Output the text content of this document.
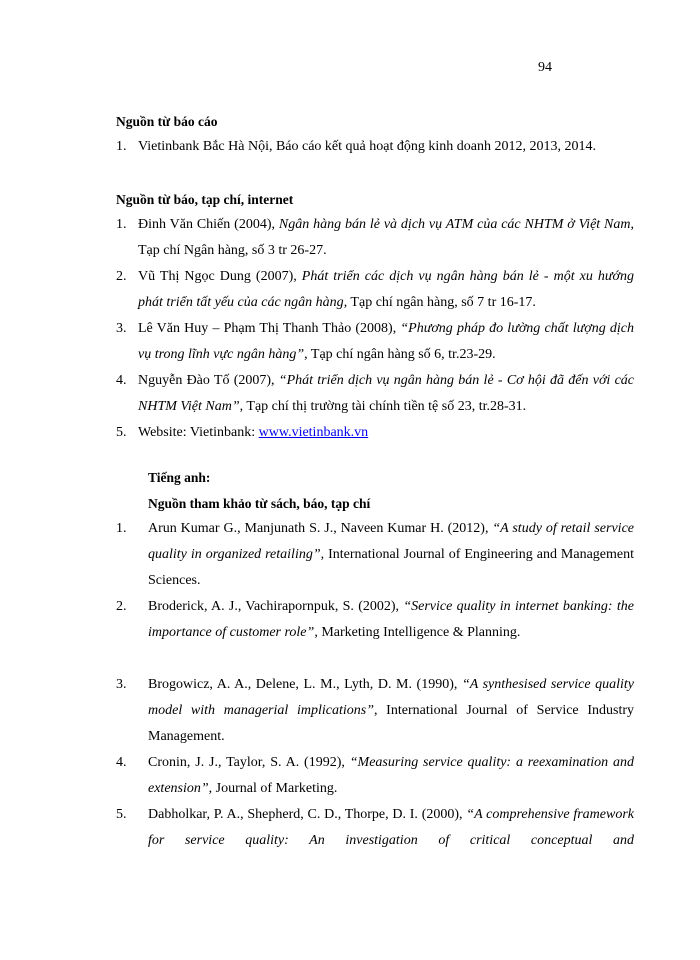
94
Nguồn từ báo cáo
1. Vietinbank Bắc Hà Nội, Báo cáo kết quả hoạt động kinh doanh 2012, 2013, 2014.
Nguồn từ báo, tạp chí, internet
1. Đinh Văn Chiến (2004), Ngân hàng bán lẻ và dịch vụ ATM của các NHTM ở Việt Nam, Tạp chí Ngân hàng, số 3 tr 26-27.
2. Vũ Thị Ngọc Dung (2007), Phát triển các dịch vụ ngân hàng bán lẻ - một xu hướng phát triển tất yếu của các ngân hàng, Tạp chí ngân hàng, số 7 tr 16-17.
3. Lê Văn Huy – Phạm Thị Thanh Thảo (2008), “Phương pháp đo lường chất lượng dịch vụ trong lĩnh vực ngân hàng”, Tạp chí ngân hàng số 6, tr.23-29.
4. Nguyễn Đào Tố (2007), “Phát triển dịch vụ ngân hàng bán lẻ - Cơ hội đã đến với các NHTM Việt Nam”, Tạp chí thị trường tài chính tiền tệ số 23, tr.28-31.
5. Website: Vietinbank: www.vietinbank.vn
Tiếng anh:
Nguồn tham khảo từ sách, báo, tạp chí
1. Arun Kumar G., Manjunath S. J., Naveen Kumar H. (2012), “A study of retail service quality in organized retailing”, International Journal of Engineering and Management Sciences.
2. Broderick, A. J., Vachirapornpuk, S. (2002), “Service quality in internet banking: the importance of customer role”, Marketing Intelligence & Planning.
3. Brogowicz, A. A., Delene, L. M., Lyth, D. M. (1990), “A synthesised service quality model with managerial implications”, International Journal of Service Industry Management.
4. Cronin, J. J., Taylor, S. A. (1992), “Measuring service quality: a reexamination and extension”, Journal of Marketing.
5. Dabholkar, P. A., Shepherd, C. D., Thorpe, D. I. (2000), “A comprehensive framework for service quality: An investigation of critical conceptual and
